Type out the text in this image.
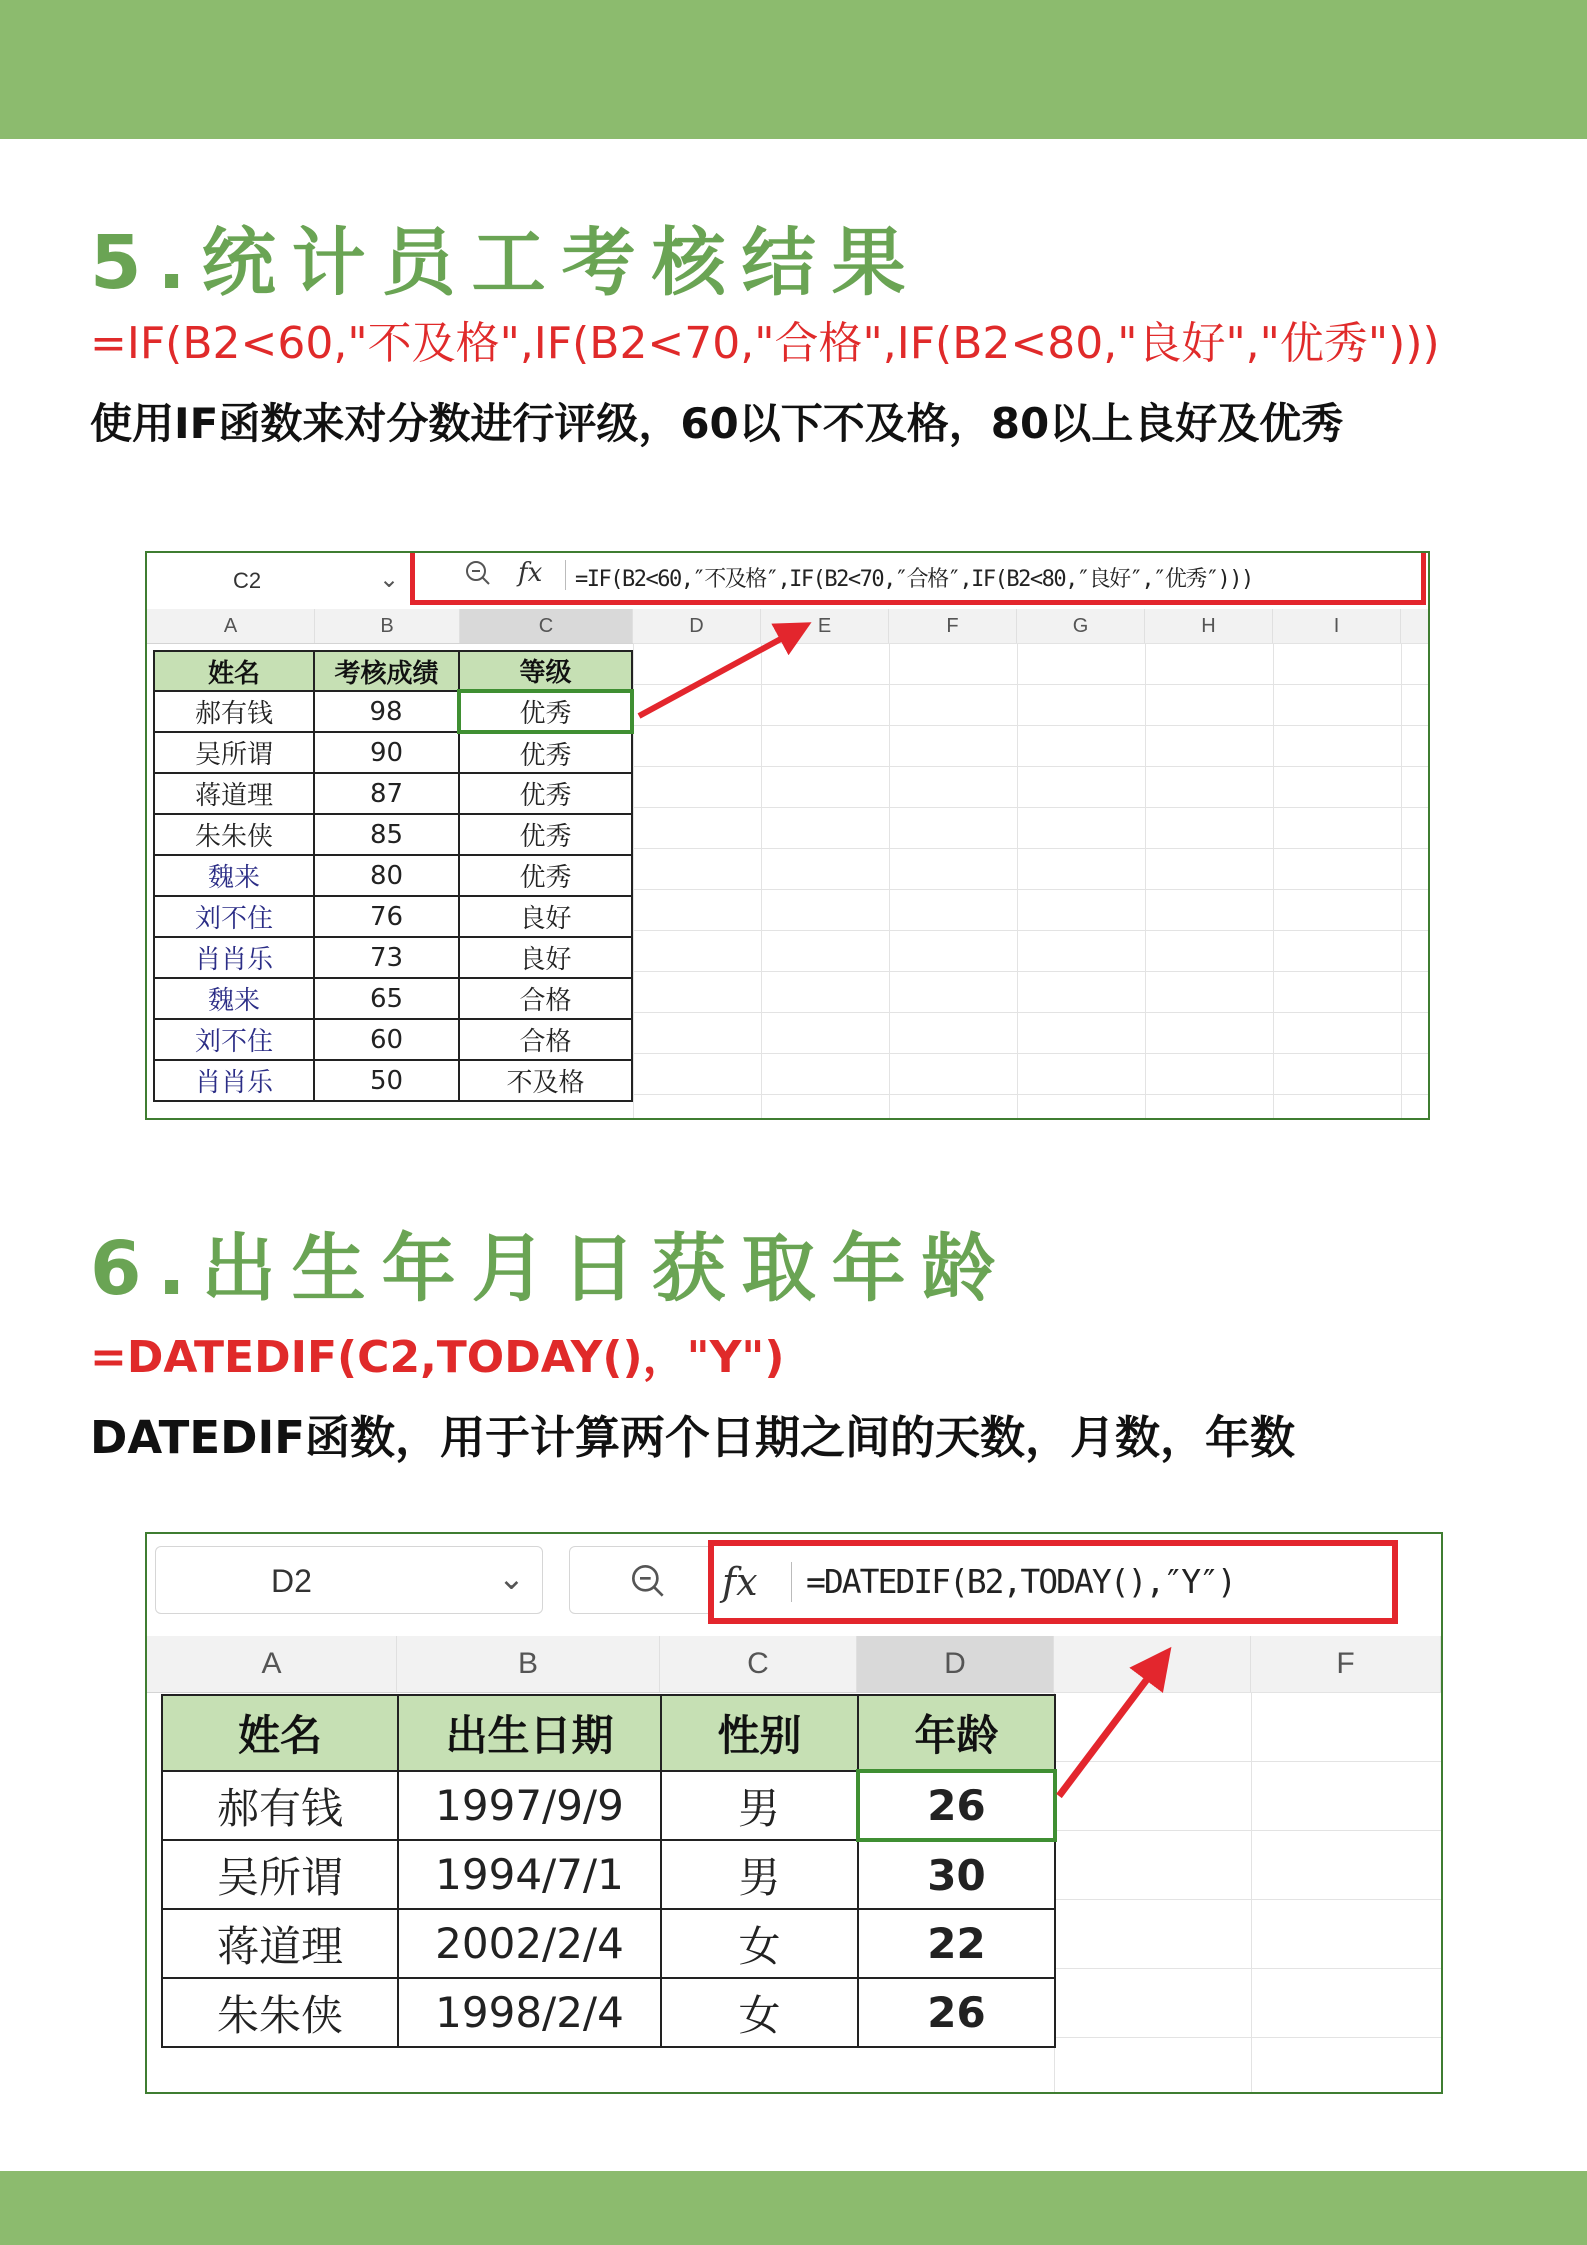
5.统计员工考核结果
=IF(B2<60,"不及格",IF(B2<70,"合格",IF(B2<80,"良好","优秀")))
使用IF函数来对分数进行评级，60以下不及格，80以上良好及优秀
C2	⌄	fx =IF(B2<60,″不及格″,IF(B2<70,″合格″,IF(B2<80,″良好″,″优秀″)))
A	B	C	D	E	F	G	H	I
姓名	考核成绩	等级
郝有钱	98	优秀
吴所谓	90	优秀
蒋道理	87	优秀
朱朱侠	85	优秀
魏来	80	优秀
刘不住	76	良好
肖肖乐	73	良好
魏来	65	合格
刘不住	60	合格
肖肖乐	50	不及格
6.出生年月日获取年龄
=DATEDIF(C2,TODAY()，"Y")
DATEDIF函数，用于计算两个日期之间的天数，月数，年数
D2	⌄	fx =DATEDIF(B2,TODAY(),″Y″)
A	B	C	D	F
姓名	出生日期	性别	年龄
郝有钱	1997/9/9	男	26
吴所谓	1994/7/1	男	30
蒋道理	2002/2/4	女	22
朱朱侠	1998/2/4	女	26
